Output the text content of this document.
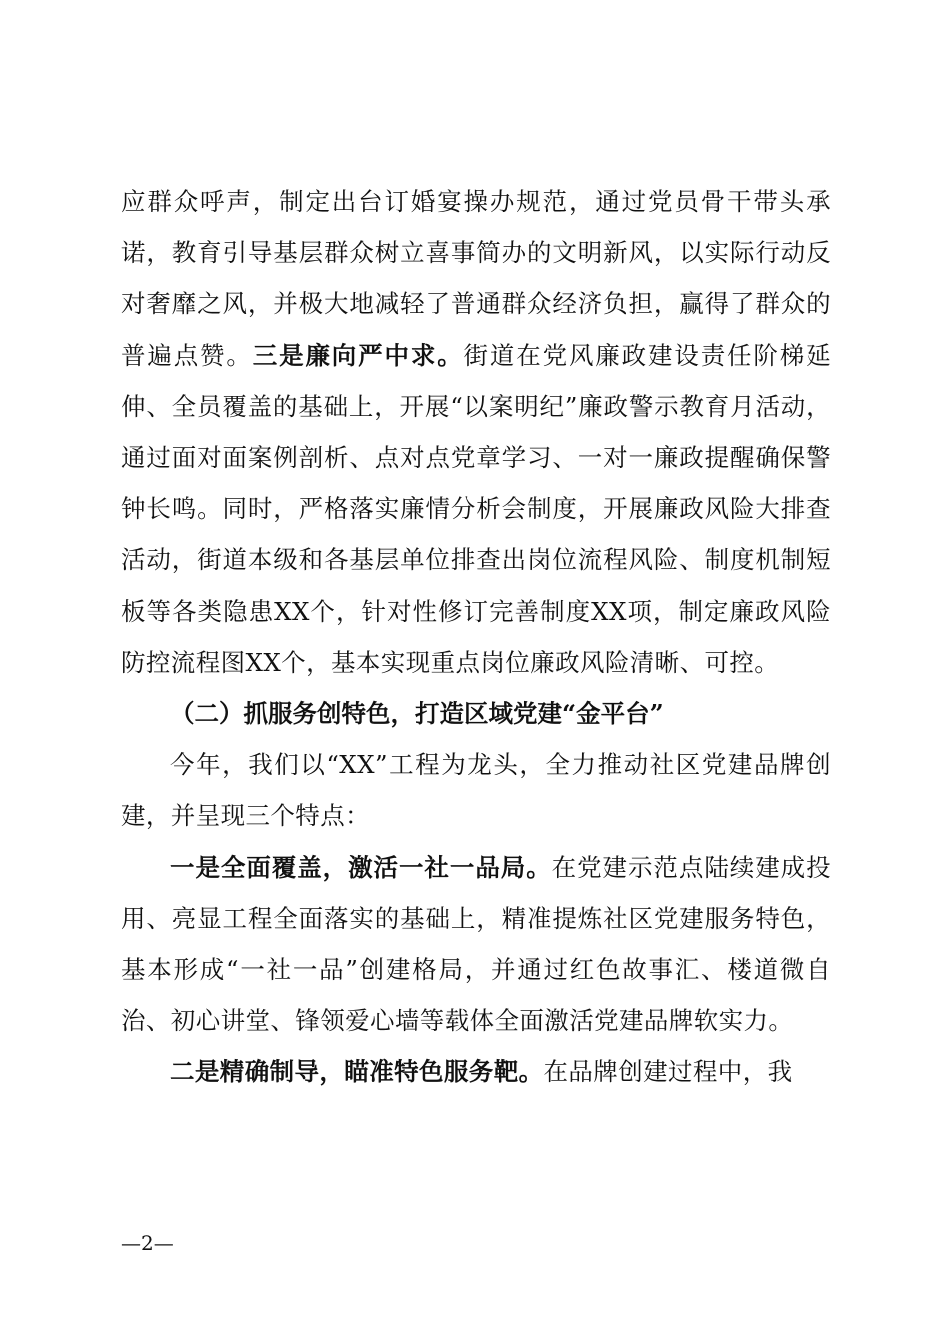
应群众呼声，制定出台订婚宴操办规范，通过党员骨干带头承诺，教育引导基层群众树立喜事简办的文明新风，以实际行动反对奢靡之风，并极大地减轻了普通群众经济负担，赢得了群众的普遍点赞。三是廉向严中求。街道在党风廉政建设责任阶梯延伸、全员覆盖的基础上，开展“以案明纪”廉政警示教育月活动，通过面对面案例剖析、点对点党章学习、一对一廉政提醒确保警钟长鸣。同时，严格落实廉情分析会制度，开展廉政风险大排查活动，街道本级和各基层单位排查出岗位流程风险、制度机制短板等各类隐患XX个，针对性修订完善制度XX项，制定廉政风险防控流程图XX个，基本实现重点岗位廉政风险清晰、可控。

（二）抓服务创特色，打造区域党建“金平台”

今年，我们以“XX”工程为龙头，全力推动社区党建品牌创建，并呈现三个特点：

一是全面覆盖，激活一社一品局。在党建示范点陆续建成投用、亮显工程全面落实的基础上，精准提炼社区党建服务特色，基本形成“一社一品”创建格局，并通过红色故事汇、楼道微自治、初心讲堂、锋领爱心墙等载体全面激活党建品牌软实力。

二是精确制导，瞄准特色服务靶。在品牌创建过程中，我

—2—
